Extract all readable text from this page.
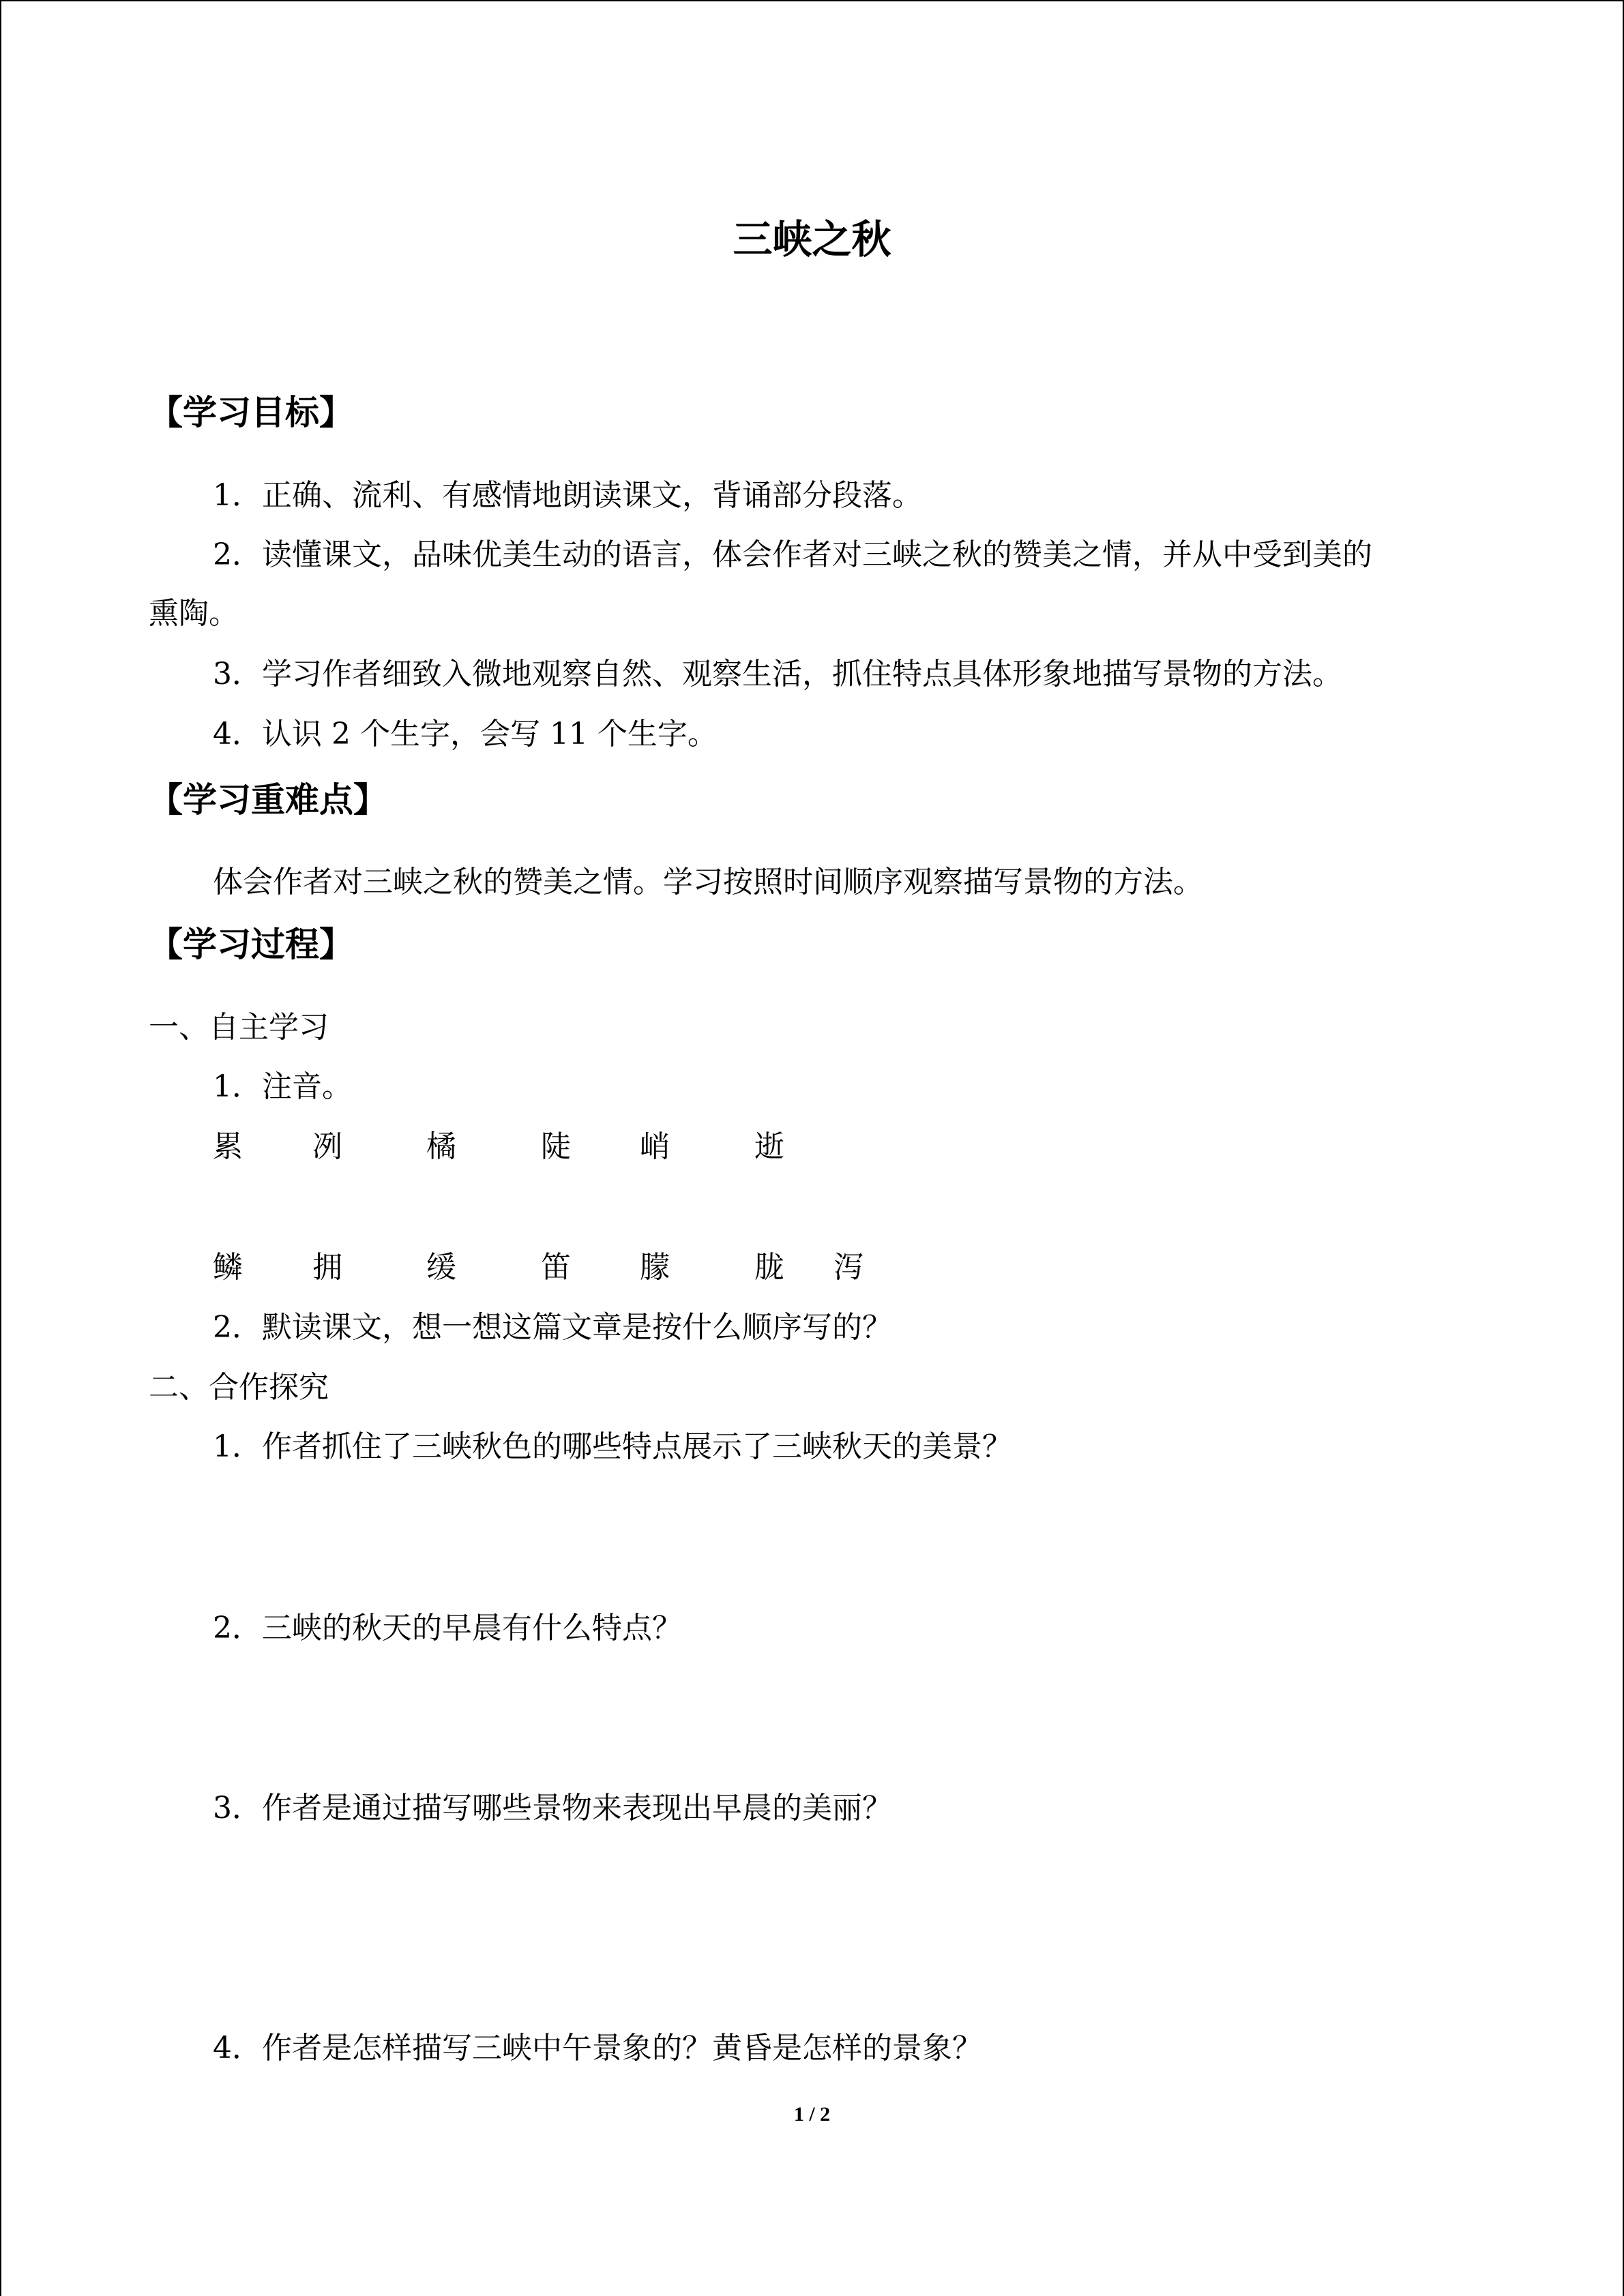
三峡之秋
【学习目标】
1．正确、流利、有感情地朗读课文，背诵部分段落。
2．读懂课文，品味优美生动的语言，体会作者对三峡之秋的赞美之情，并从中受到美的
熏陶。
3．学习作者细致入微地观察自然、观察生活，抓住特点具体形象地描写景物的方法。
4．认识 2 个生字，会写 11 个生字。
【学习重难点】
体会作者对三峡之秋的赞美之情。学习按照时间顺序观察描写景物的方法。
【学习过程】
一、自主学习
1．注音。
累 冽	橘	陡 峭	逝
鳞 拥	缓	笛 朦	胧 泻
2．默读课文，想一想这篇文章是按什么顺序写的？
二、合作探究
1．作者抓住了三峡秋色的哪些特点展示了三峡秋天的美景？
2．三峡的秋天的早晨有什么特点？
3．作者是通过描写哪些景物来表现出早晨的美丽？
4．作者是怎样描写三峡中午景象的？黄昏是怎样的景象？
1 / 2
